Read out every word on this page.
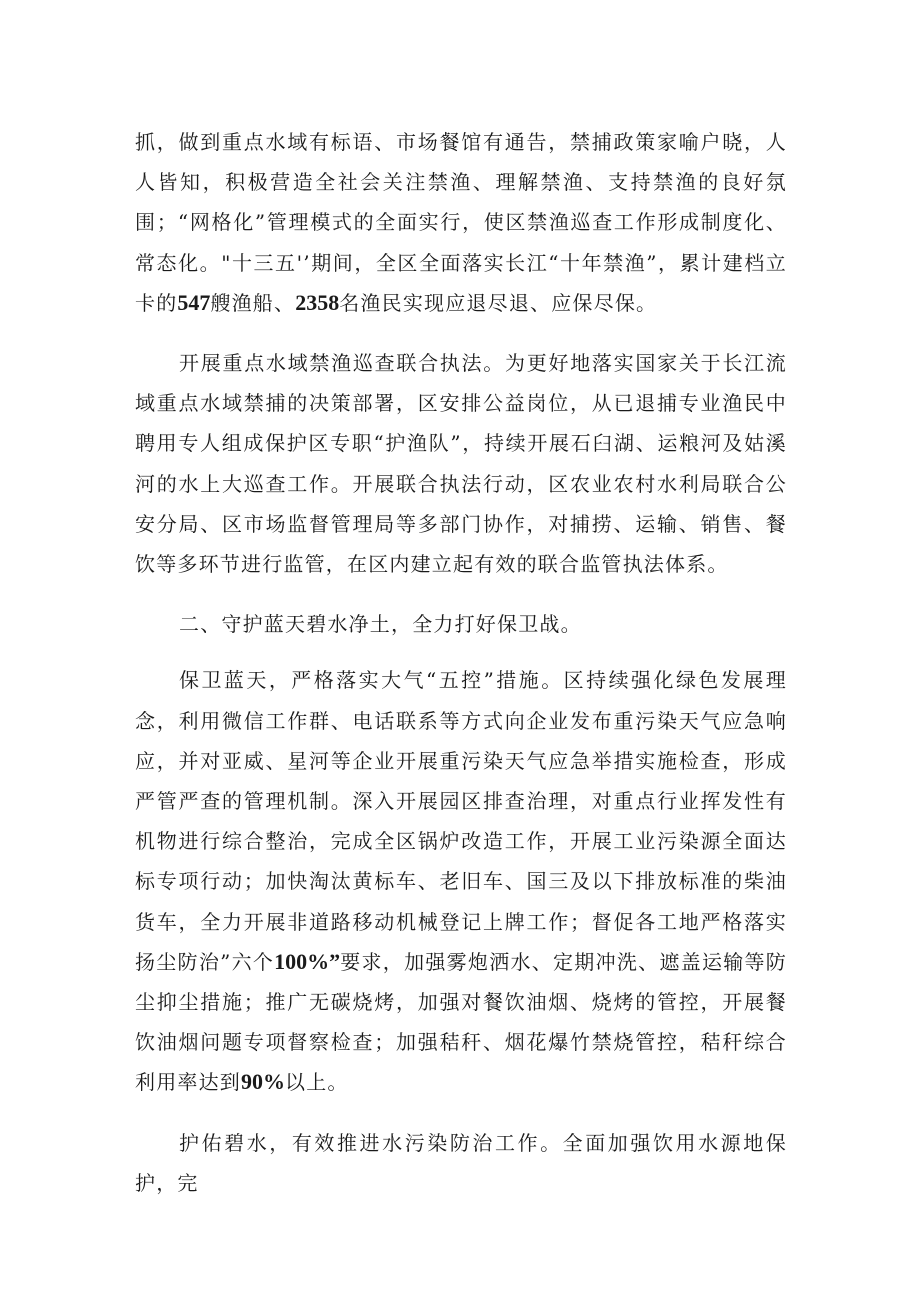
抓，做到重点水域有标语、市场餐馆有通告，禁捕政策家喻户晓，人人皆知，积极营造全社会关注禁渔、理解禁渔、支持禁渔的良好氛围；“网格化”管理模式的全面实行，使区禁渔巡查工作形成制度化、常态化。"十三五'’期间，全区全面落实长江“十年禁渔”，累计建档立卡的547艘渔船、2358名渔民实现应退尽退、应保尽保。

开展重点水域禁渔巡查联合执法。为更好地落实国家关于长江流域重点水域禁捕的决策部署，区安排公益岗位，从已退捕专业渔民中聘用专人组成保护区专职“护渔队”，持续开展石臼湖、运粮河及姑溪河的水上大巡查工作。开展联合执法行动，区农业农村水利局联合公安分局、区市场监督管理局等多部门协作，对捕捞、运输、销售、餐饮等多环节进行监管，在区内建立起有效的联合监管执法体系。

二、守护蓝天碧水净土，全力打好保卫战。

保卫蓝天，严格落实大气“五控”措施。区持续强化绿色发展理念，利用微信工作群、电话联系等方式向企业发布重污染天气应急响应，并对亚威、星河等企业开展重污染天气应急举措实施检查，形成严管严查的管理机制。深入开展园区排查治理，对重点行业挥发性有机物进行综合整治，完成全区锅炉改造工作，开展工业污染源全面达标专项行动；加快淘汰黄标车、老旧车、国三及以下排放标准的柴油货车，全力开展非道路移动机械登记上牌工作；督促各工地严格落实扬尘防治”六个100%”要求，加强雾炮洒水、定期冲洗、遮盖运输等防尘抑尘措施；推广无碳烧烤，加强对餐饮油烟、烧烤的管控，开展餐饮油烟问题专项督察检查；加强秸秆、烟花爆竹禁烧管控，秸秆综合利用率达到90%以上。

护佑碧水，有效推进水污染防治工作。全面加强饮用水源地保护，完
